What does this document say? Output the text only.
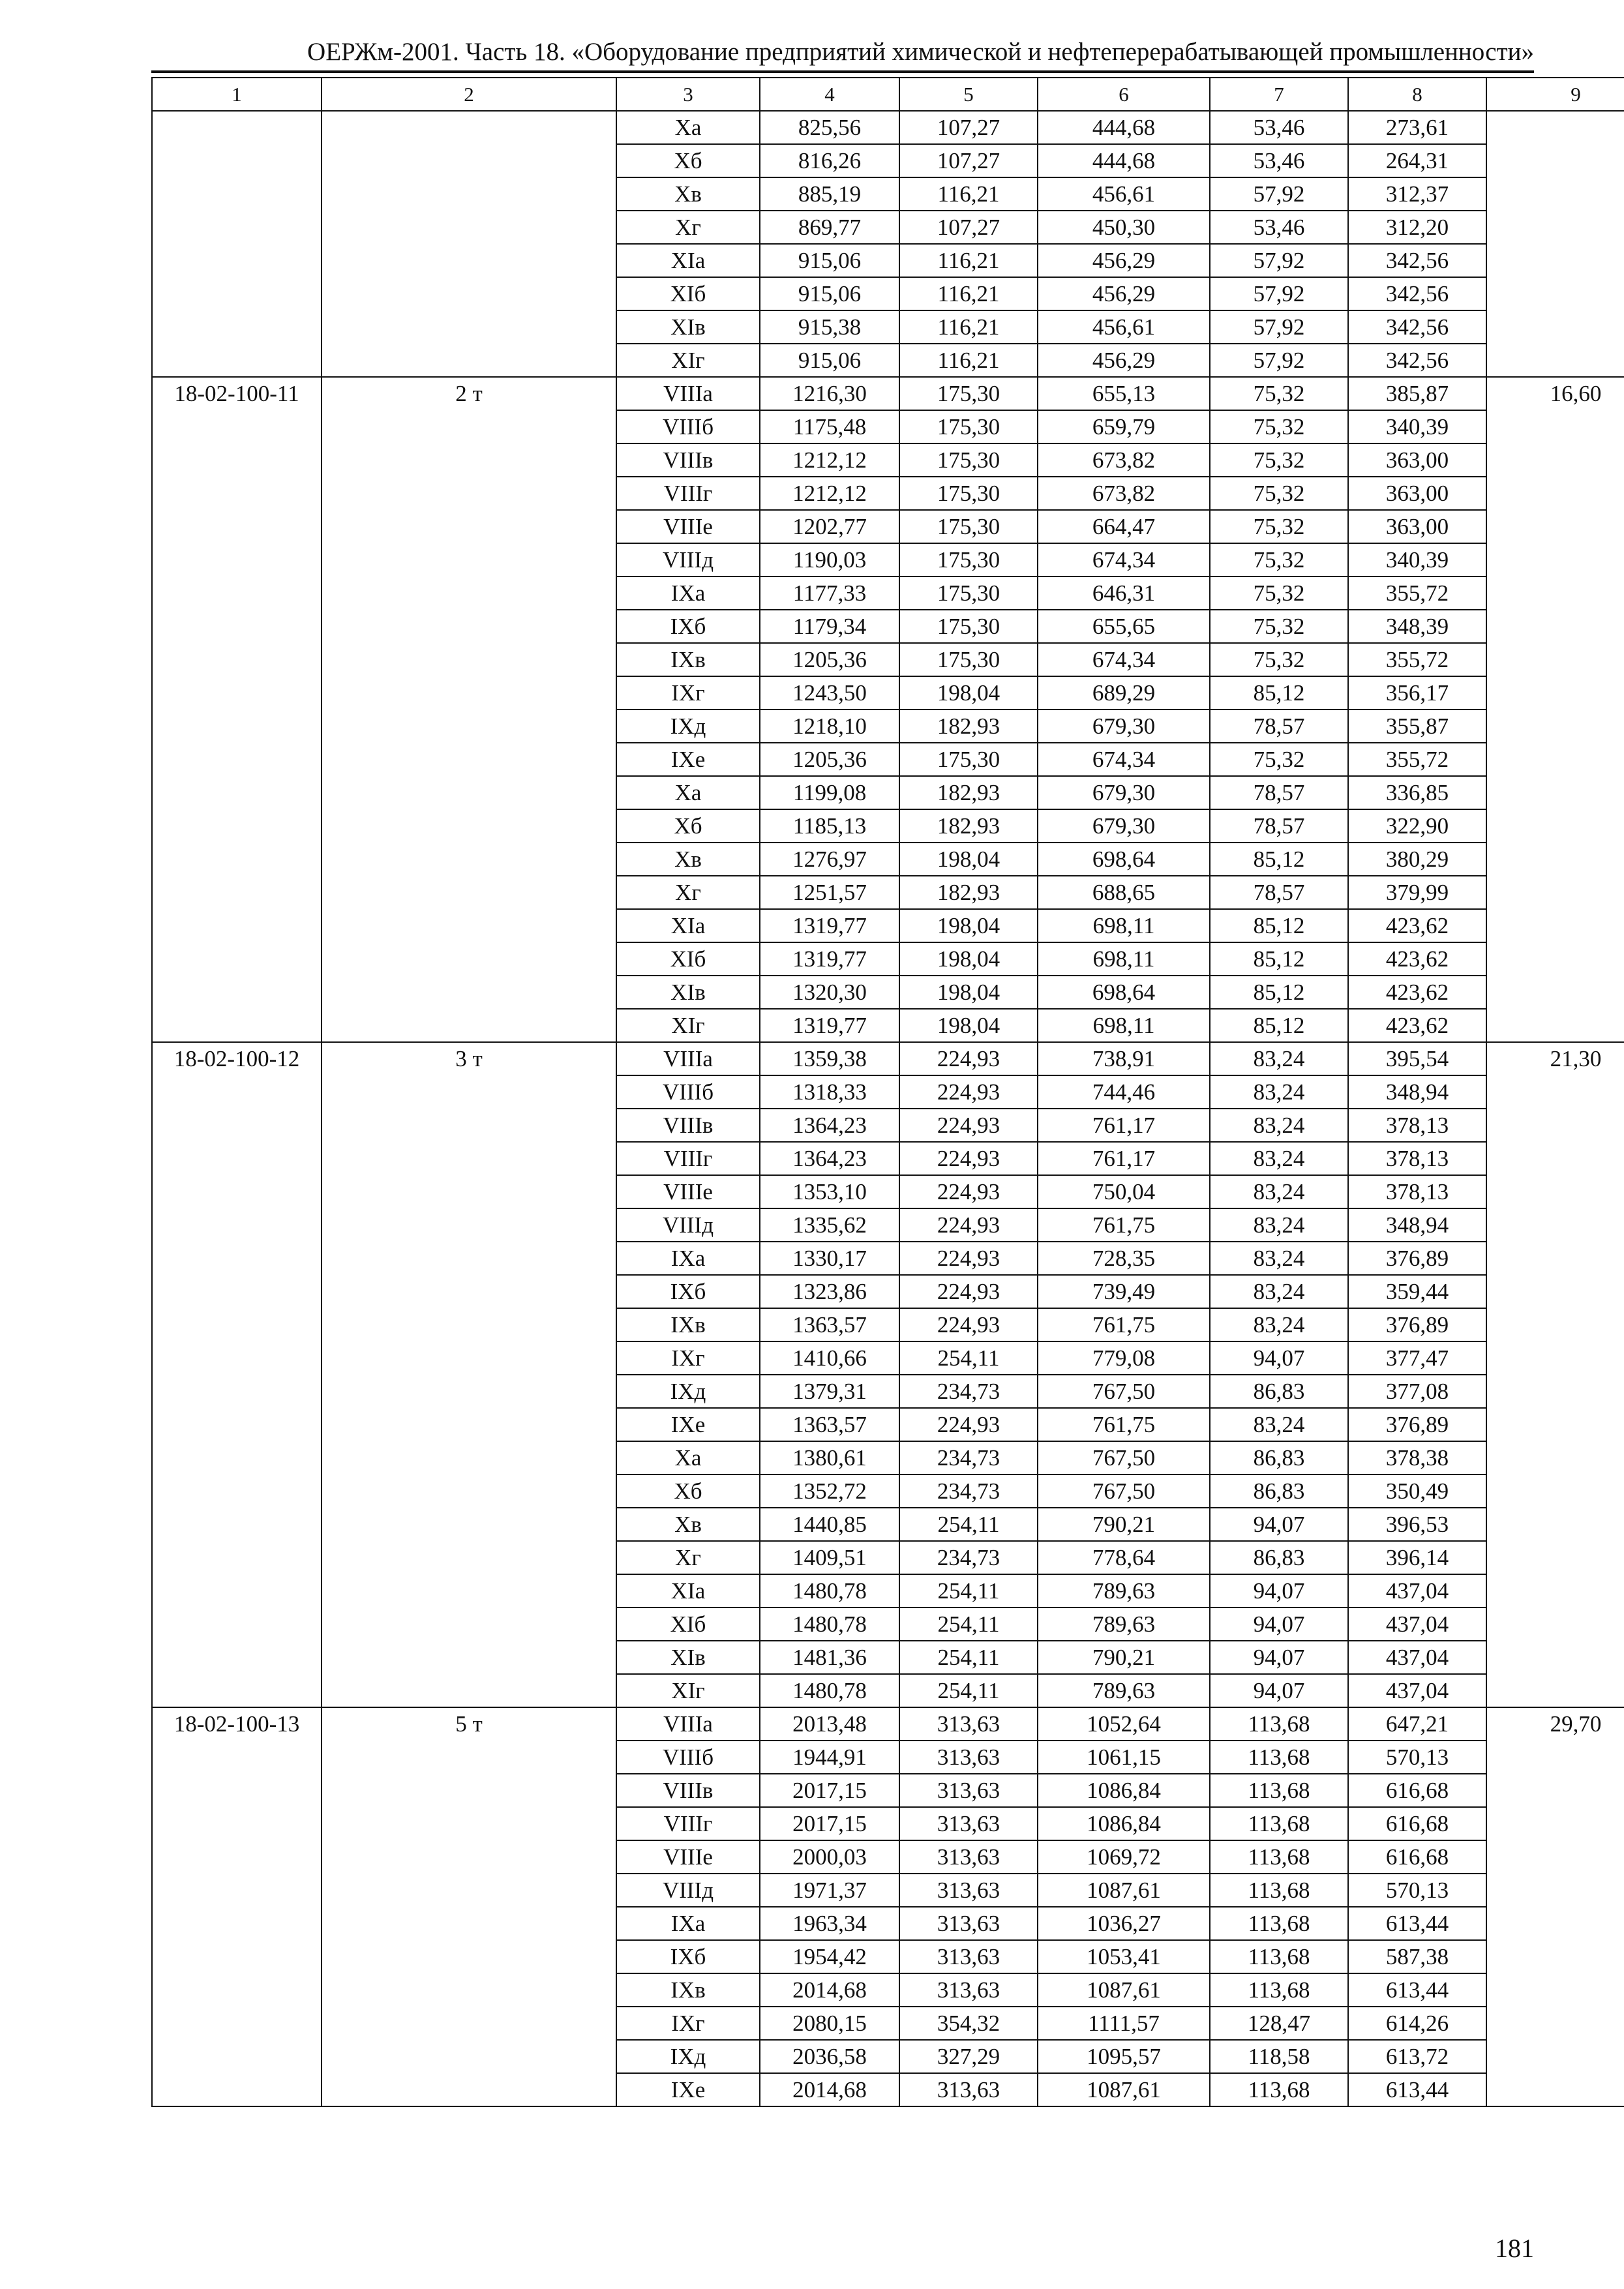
ОЕРЖм-2001. Часть 18. «Оборудование предприятий химической и нефтеперерабатывающей промышленности»
1	2	3	4	5	6	7	8	9
		Xa	825,56	107,27	444,68	53,46	273,61	
		Xб	816,26	107,27	444,68	53,46	264,31	
		Xв	885,19	116,21	456,61	57,92	312,37	
		Xг	869,77	107,27	450,30	53,46	312,20	
		XIa	915,06	116,21	456,29	57,92	342,56	
		XIб	915,06	116,21	456,29	57,92	342,56	
		XIв	915,38	116,21	456,61	57,92	342,56	
		XIг	915,06	116,21	456,29	57,92	342,56	
18-02-100-11	2 т	VIIIa	1216,30	175,30	655,13	75,32	385,87	16,60
		VIIIб	1175,48	175,30	659,79	75,32	340,39	
		VIIIв	1212,12	175,30	673,82	75,32	363,00	
		VIIIг	1212,12	175,30	673,82	75,32	363,00	
		VIIIе	1202,77	175,30	664,47	75,32	363,00	
		VIIIд	1190,03	175,30	674,34	75,32	340,39	
		IXa	1177,33	175,30	646,31	75,32	355,72	
		IXб	1179,34	175,30	655,65	75,32	348,39	
		IXв	1205,36	175,30	674,34	75,32	355,72	
		IXг	1243,50	198,04	689,29	85,12	356,17	
		IXд	1218,10	182,93	679,30	78,57	355,87	
		IXе	1205,36	175,30	674,34	75,32	355,72	
		Xa	1199,08	182,93	679,30	78,57	336,85	
		Xб	1185,13	182,93	679,30	78,57	322,90	
		Xв	1276,97	198,04	698,64	85,12	380,29	
		Xг	1251,57	182,93	688,65	78,57	379,99	
		XIa	1319,77	198,04	698,11	85,12	423,62	
		XIб	1319,77	198,04	698,11	85,12	423,62	
		XIв	1320,30	198,04	698,64	85,12	423,62	
		XIг	1319,77	198,04	698,11	85,12	423,62	
18-02-100-12	3 т	VIIIa	1359,38	224,93	738,91	83,24	395,54	21,30
		VIIIб	1318,33	224,93	744,46	83,24	348,94	
		VIIIв	1364,23	224,93	761,17	83,24	378,13	
		VIIIг	1364,23	224,93	761,17	83,24	378,13	
		VIIIе	1353,10	224,93	750,04	83,24	378,13	
		VIIIд	1335,62	224,93	761,75	83,24	348,94	
		IXa	1330,17	224,93	728,35	83,24	376,89	
		IXб	1323,86	224,93	739,49	83,24	359,44	
		IXв	1363,57	224,93	761,75	83,24	376,89	
		IXг	1410,66	254,11	779,08	94,07	377,47	
		IXд	1379,31	234,73	767,50	86,83	377,08	
		IXе	1363,57	224,93	761,75	83,24	376,89	
		Xa	1380,61	234,73	767,50	86,83	378,38	
		Xб	1352,72	234,73	767,50	86,83	350,49	
		Xв	1440,85	254,11	790,21	94,07	396,53	
		Xг	1409,51	234,73	778,64	86,83	396,14	
		XIa	1480,78	254,11	789,63	94,07	437,04	
		XIб	1480,78	254,11	789,63	94,07	437,04	
		XIв	1481,36	254,11	790,21	94,07	437,04	
		XIг	1480,78	254,11	789,63	94,07	437,04	
18-02-100-13	5 т	VIIIa	2013,48	313,63	1052,64	113,68	647,21	29,70
		VIIIб	1944,91	313,63	1061,15	113,68	570,13	
		VIIIв	2017,15	313,63	1086,84	113,68	616,68	
		VIIIг	2017,15	313,63	1086,84	113,68	616,68	
		VIIIе	2000,03	313,63	1069,72	113,68	616,68	
		VIIIд	1971,37	313,63	1087,61	113,68	570,13	
		IXa	1963,34	313,63	1036,27	113,68	613,44	
		IXб	1954,42	313,63	1053,41	113,68	587,38	
		IXв	2014,68	313,63	1087,61	113,68	613,44	
		IXг	2080,15	354,32	1111,57	128,47	614,26	
		IXд	2036,58	327,29	1095,57	118,58	613,72	
		IXе	2014,68	313,63	1087,61	113,68	613,44	
181
